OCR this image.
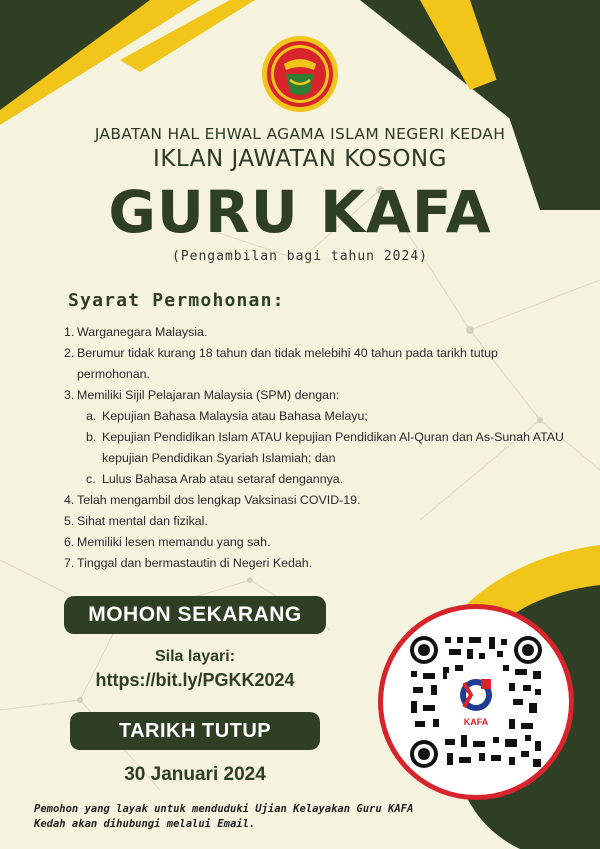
JABATAN HAL EHWAL AGAMA ISLAM NEGERI KEDAH
IKLAN JAWATAN KOSONG
GURU KAFA
(Pengambilan bagi tahun 2024)
Syarat Permohonan:
1. Warganegara Malaysia.
2. Berumur tidak kurang 18 tahun dan tidak melebihi 40 tahun pada tarikh tutup permohonan.
3. Memiliki Sijil Pelajaran Malaysia (SPM) dengan:
a. Kepujian Bahasa Malaysia atau Bahasa Melayu;
b. Kepujian Pendidikan Islam ATAU kepujian Pendidikan Al-Quran dan As-Sunah ATAU kepujian Pendidikan Syariah Islamiah; dan
c. Lulus Bahasa Arab atau setaraf dengannya.
4. Telah mengambil dos lengkap Vaksinasi COVID-19.
5. Sihat mental dan fizikal.
6. Memiliki lesen memandu yang sah.
7. Tinggal dan bermastautin di Negeri Kedah.
MOHON SEKARANG
Sila layari:
https://bit.ly/PGKK2024
TARIKH TUTUP
30 Januari 2024
Pemohon yang layak untuk menduduki Ujian Kelayakan Guru KAFA Kedah akan dihubungi melalui Email.
KAFA
